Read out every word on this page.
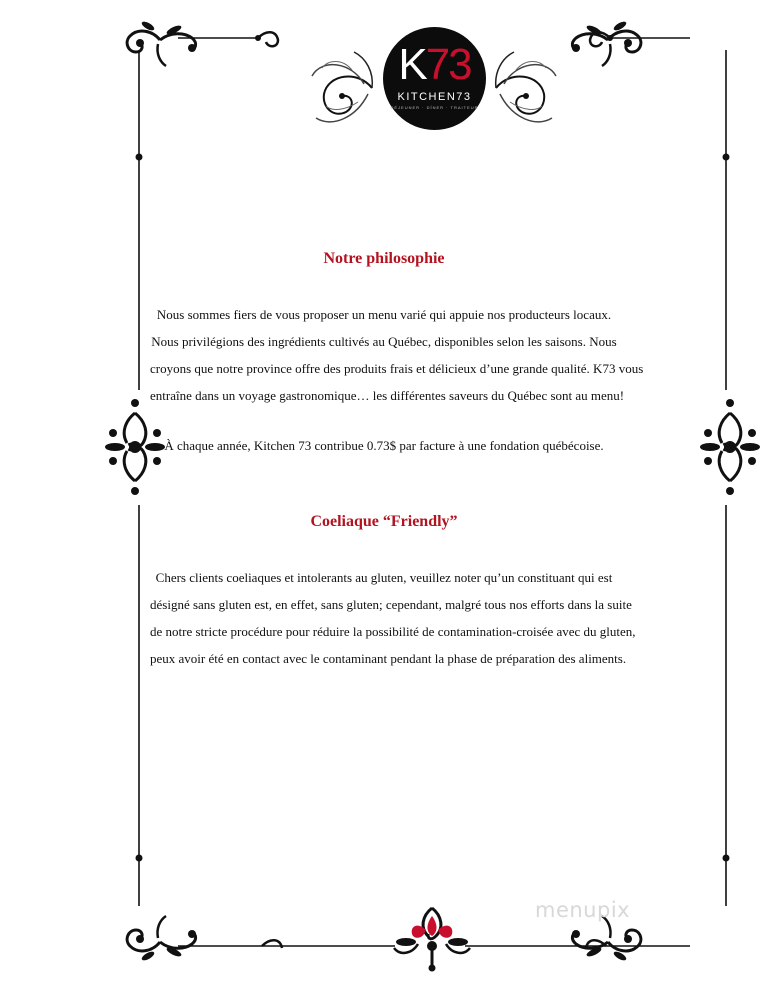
K73
KITCHEN73
DÉJEUNER · DÎNER · TRAITEUR
Notre philosophie
Nous sommes fiers de vous proposer un menu varié qui appuie nos producteurs locaux.
Nous privilégions des ingrédients cultivés au Québec, disponibles selon les saisons. Nous
croyons que notre province offre des produits frais et délicieux d’une grande qualité. K73 vous
entraîne dans un voyage gastronomique… les différentes saveurs du Québec sont au menu!
À chaque année, Kitchen 73 contribue 0.73$ par facture à une fondation québécoise.
Coeliaque “Friendly”
Chers clients coeliaques et intolerants au gluten, veuillez noter qu’un constituant qui est
désigné sans gluten est, en effet, sans gluten; cependant, malgré tous nos efforts dans la suite
de notre stricte procédure pour réduire la possibilité de contamination-croisée avec du gluten,
peux avoir été en contact avec le contaminant pendant la phase de préparation des aliments.
menupix
